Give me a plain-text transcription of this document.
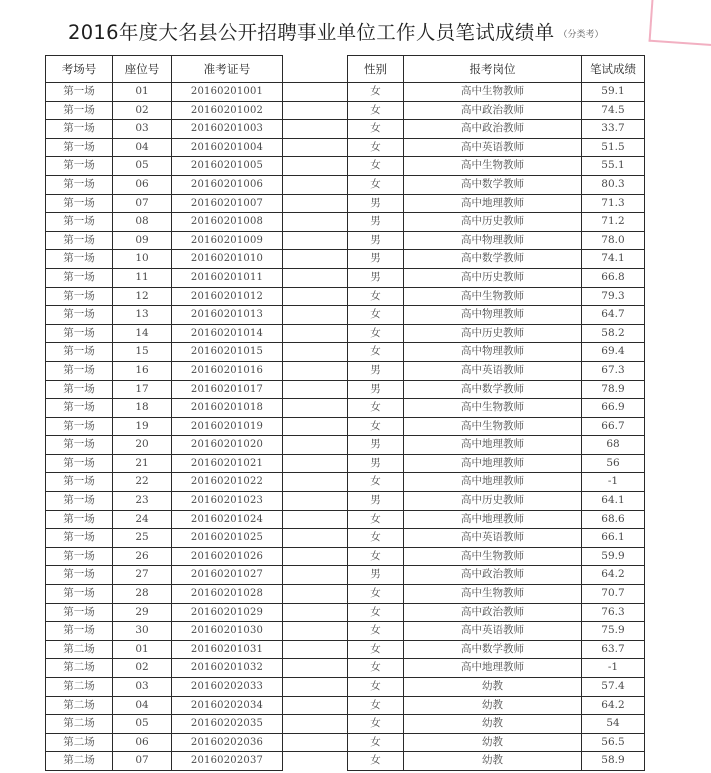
2016年度大名县公开招聘事业单位工作人员笔试成绩单 （分类考）
考场号	座位号	准考证号		性别	报考岗位	笔试成绩
第一场	01	20160201001		女	高中生物教师	59.1
第一场	02	20160201002		女	高中政治教师	74.5
第一场	03	20160201003		女	高中政治教师	33.7
第一场	04	20160201004		女	高中英语教师	51.5
第一场	05	20160201005		女	高中生物教师	55.1
第一场	06	20160201006		女	高中数学教师	80.3
第一场	07	20160201007		男	高中地理教师	71.3
第一场	08	20160201008		男	高中历史教师	71.2
第一场	09	20160201009		男	高中物理教师	78.0
第一场	10	20160201010		男	高中数学教师	74.1
第一场	11	20160201011		男	高中历史教师	66.8
第一场	12	20160201012		女	高中生物教师	79.3
第一场	13	20160201013		女	高中物理教师	64.7
第一场	14	20160201014		女	高中历史教师	58.2
第一场	15	20160201015		女	高中物理教师	69.4
第一场	16	20160201016		男	高中英语教师	67.3
第一场	17	20160201017		男	高中数学教师	78.9
第一场	18	20160201018		女	高中生物教师	66.9
第一场	19	20160201019		女	高中生物教师	66.7
第一场	20	20160201020		男	高中地理教师	68
第一场	21	20160201021		男	高中地理教师	56
第一场	22	20160201022		女	高中地理教师	-1
第一场	23	20160201023		男	高中历史教师	64.1
第一场	24	20160201024		女	高中地理教师	68.6
第一场	25	20160201025		女	高中英语教师	66.1
第一场	26	20160201026		女	高中生物教师	59.9
第一场	27	20160201027		男	高中政治教师	64.2
第一场	28	20160201028		女	高中生物教师	70.7
第一场	29	20160201029		女	高中政治教师	76.3
第一场	30	20160201030		女	高中英语教师	75.9
第二场	01	20160201031		女	高中数学教师	63.7
第二场	02	20160201032		女	高中地理教师	-1
第二场	03	20160202033		女	幼教	57.4
第二场	04	20160202034		女	幼教	64.2
第二场	05	20160202035		女	幼教	54
第二场	06	20160202036		女	幼教	56.5
第二场	07	20160202037		女	幼教	58.9
